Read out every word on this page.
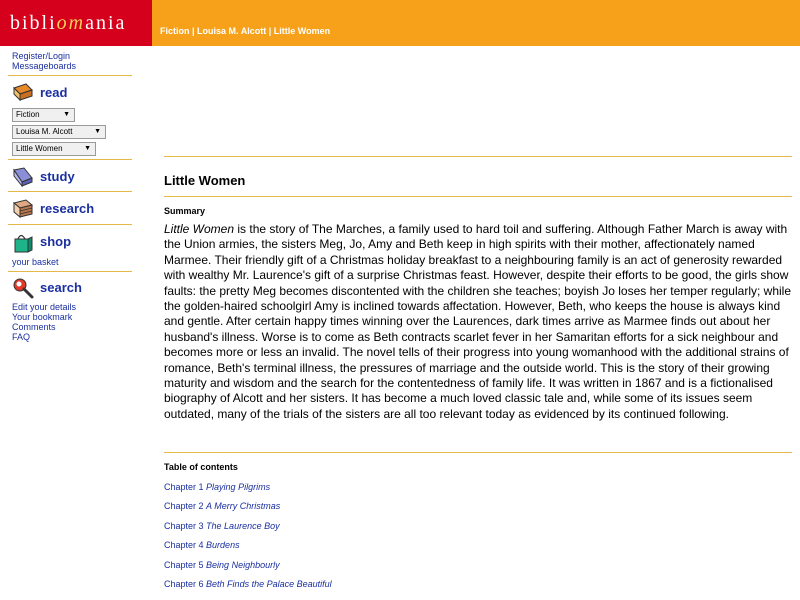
bibliomania	Fiction | Louisa M. Alcott | Little Women
Register/Login
Messageboards
read
Fiction	▼
Louisa M. Alcott	▼
Little Women	▼
study
research
shop
your basket
search
Edit your details
Your bookmark
Comments
FAQ
Little Women
Summary
Little Women is the story of The Marches, a family used to hard toil and suffering. Although Father March is away with the Union armies, the sisters Meg, Jo, Amy and Beth keep in high spirits with their mother, affectionately named Marmee. Their friendly gift of a Christmas holiday breakfast to a neighbouring family is an act of generosity rewarded with wealthy Mr. Laurence's gift of a surprise Christmas feast. However, despite their efforts to be good, the girls show faults: the pretty Meg becomes discontented with the children she teaches; boyish Jo loses her temper regularly; while the golden-haired schoolgirl Amy is inclined towards affectation. However, Beth, who keeps the house is always kind and gentle. After certain happy times winning over the Laurences, dark times arrive as Marmee finds out about her husband's illness. Worse is to come as Beth contracts scarlet fever in her Samaritan efforts for a sick neighbour and becomes more or less an invalid. The novel tells of their progress into young womanhood with the additional strains of romance, Beth's terminal illness, the pressures of marriage and the outside world. This is the story of their growing maturity and wisdom and the search for the contentedness of family life. It was written in 1867 and is a fictionalised biography of Alcott and her sisters. It has become a much loved classic tale and, while some of its issues seem outdated, many of the trials of the sisters are all too relevant today as evidenced by its continued following.
Table of contents
Chapter 1 Playing Pilgrims
Chapter 2 A Merry Christmas
Chapter 3 The Laurence Boy
Chapter 4 Burdens
Chapter 5 Being Neighbourly
Chapter 6 Beth Finds the Palace Beautiful
